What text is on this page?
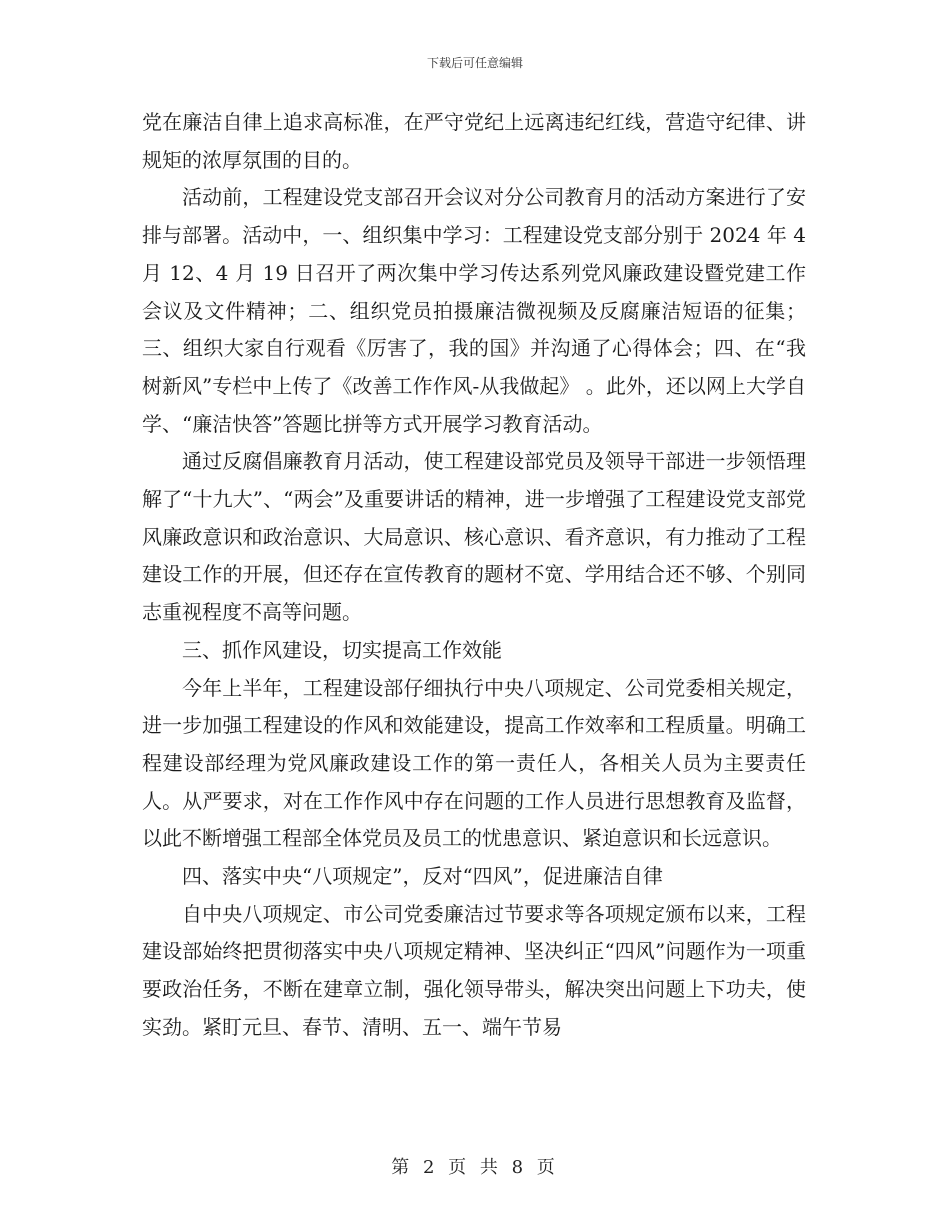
下载后可任意编辑

党在廉洁自律上追求高标准，在严守党纪上远离违纪红线，营造守纪律、讲规矩的浓厚氛围的目的。

活动前，工程建设党支部召开会议对分公司教育月的活动方案进行了安排与部署。活动中，一、组织集中学习：工程建设党支部分别于 2024 年 4 月 12、4 月 19 日召开了两次集中学习传达系列党风廉政建设暨党建工作会议及文件精神；二、组织党员拍摄廉洁微视频及反腐廉洁短语的征集；三、组织大家自行观看《厉害了，我的国》并沟通了心得体会；四、在“我树新风”专栏中上传了《改善工作作风-从我做起》 。此外，还以网上大学自学、“廉洁快答”答题比拼等方式开展学习教育活动。

通过反腐倡廉教育月活动，使工程建设部党员及领导干部进一步领悟理解了“十九大”、“两会”及重要讲话的精神，进一步增强了工程建设党支部党风廉政意识和政治意识、大局意识、核心意识、看齐意识，有力推动了工程建设工作的开展，但还存在宣传教育的题材不宽、学用结合还不够、个别同志重视程度不高等问题。

三、抓作风建设，切实提高工作效能

今年上半年，工程建设部仔细执行中央八项规定、公司党委相关规定，进一步加强工程建设的作风和效能建设，提高工作效率和工程质量。明确工程建设部经理为党风廉政建设工作的第一责任人，各相关人员为主要责任人。从严要求，对在工作作风中存在问题的工作人员进行思想教育及监督，以此不断增强工程部全体党员及员工的忧患意识、紧迫意识和长远意识。

四、落实中央“八项规定”，反对“四风”，促进廉洁自律

自中央八项规定、市公司党委廉洁过节要求等各项规定颁布以来，工程建设部始终把贯彻落实中央八项规定精神、坚决纠正“四风”问题作为一项重要政治任务，不断在建章立制，强化领导带头，解决突出问题上下功夫，使实劲。紧盯元旦、春节、清明、五一、端午节易

第 2 页 共 8 页
